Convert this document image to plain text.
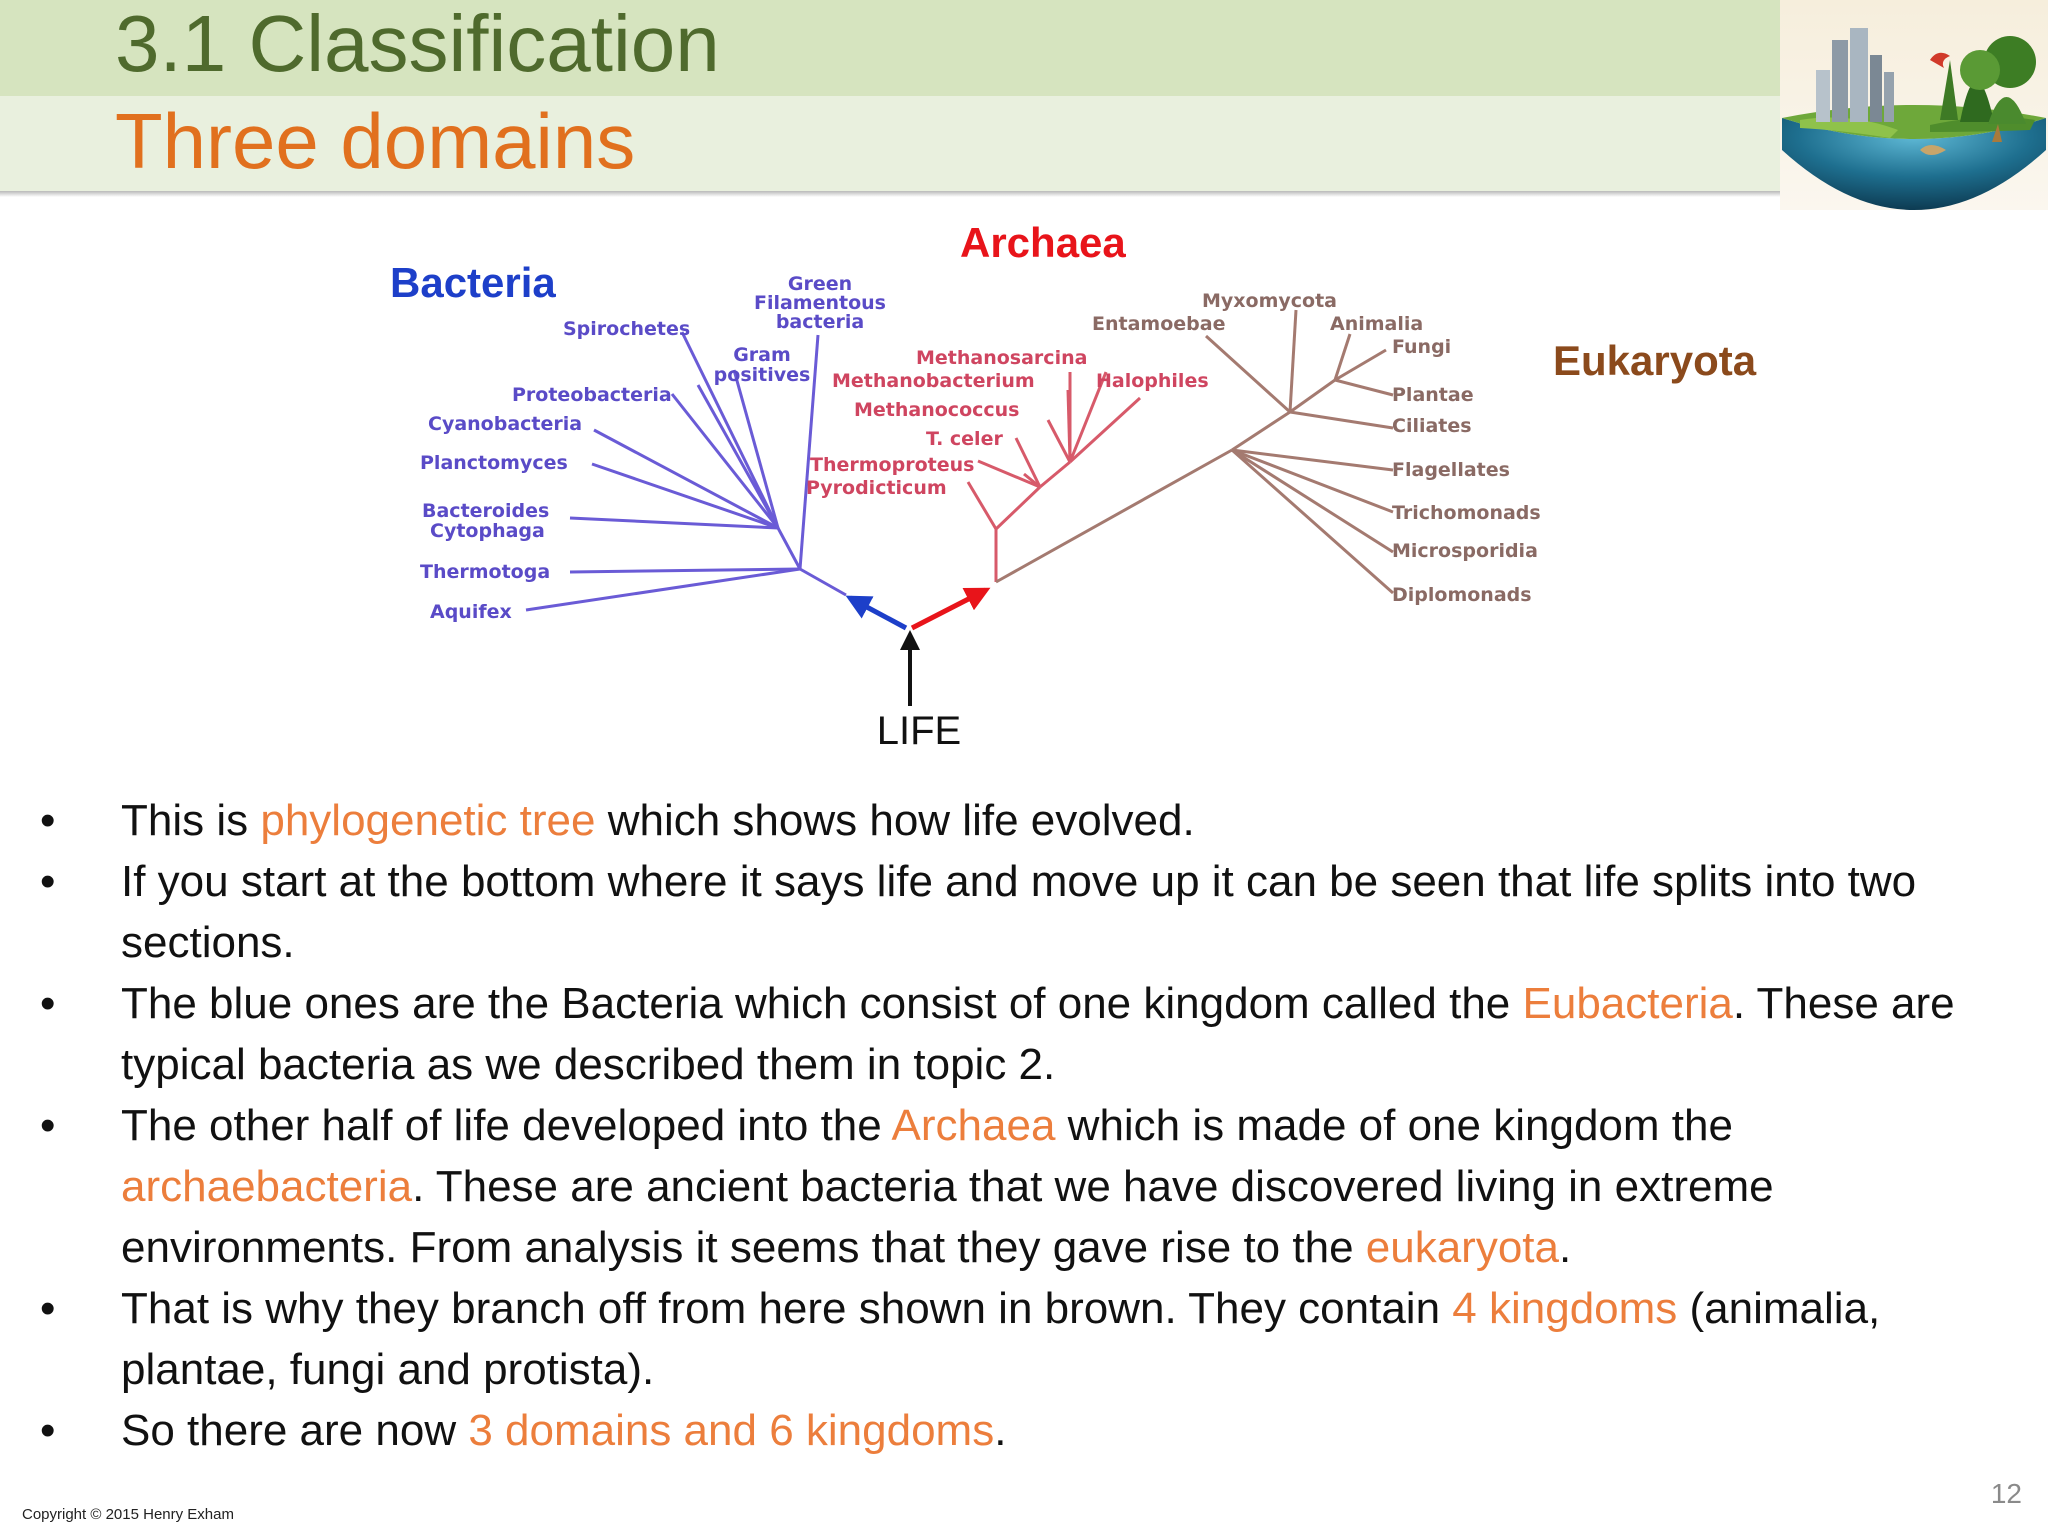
3.1 Classification
Three domains
Spirochetes
Green
Filamentous
bacteria
Gram
positives
Proteobacteria
Cyanobacteria
Planctomyces
Bacteroides
Cytophaga
Thermotoga
Aquifex
Methanosarcina
Methanobacterium	Halophiles
Methanococcus
T. celer
Thermoproteus
Pyrodicticum
Myxomycota
Entamoebae	Animalia
Fungi
Plantae
Ciliates
Flagellates
Trichomonads
Microsporidia
Diplomonads
Bacteria
Archaea
Eukaryota
LIFE
• This is phylogenetic tree which shows how life evolved.
• If you start at the bottom where it says life and move up it can be seen that life splits into two sections.
• The blue ones are the Bacteria which consist of one kingdom called the Eubacteria. These are typical bacteria as we described them in topic 2.
• The other half of life developed into the Archaea which is made of one kingdom the archaebacteria. These are ancient bacteria that we have discovered living in extreme environments. From analysis it seems that they gave rise to the eukaryota.
• That is why they branch off from here shown in brown. They contain 4 kingdoms (animalia, plantae, fungi and protista).
• So there are now 3 domains and 6 kingdoms.
Copyright © 2015 Henry Exham
12
